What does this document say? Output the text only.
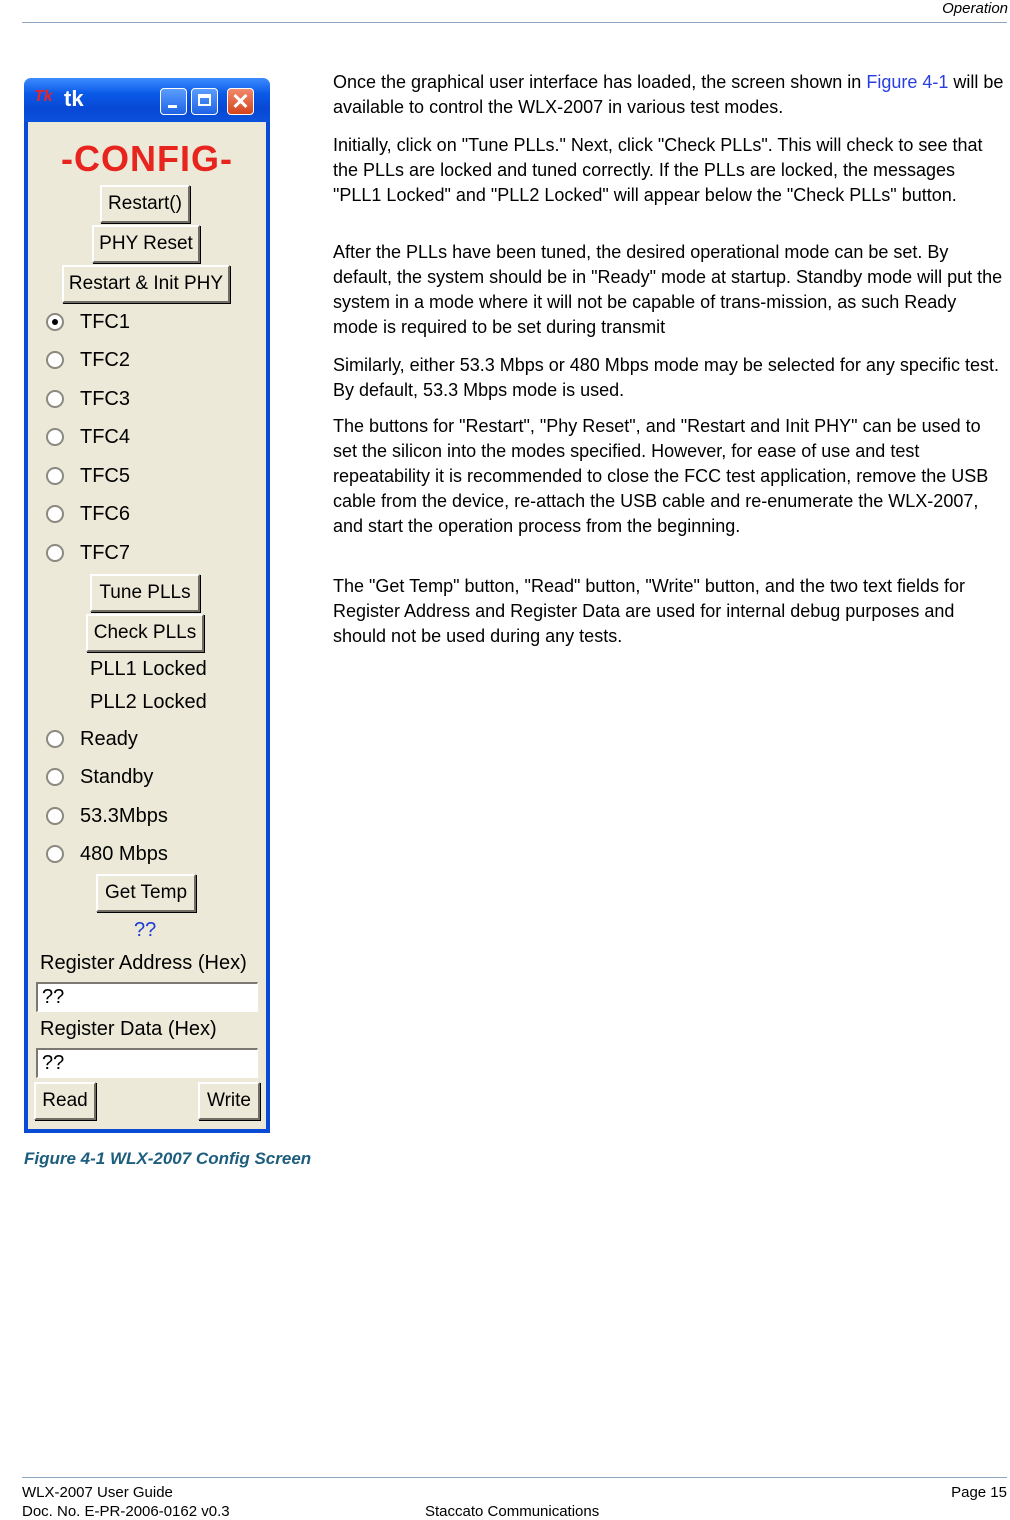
Operation
Tk tk	✕
-CONFIG-
Restart()
PHY Reset
Restart & Init PHY
TFC1
TFC2
TFC3
TFC4
TFC5
TFC6
TFC7
Tune PLLs
Check PLLs
PLL1 Locked
PLL2 Locked
Ready
Standby
53.3Mbps
480 Mbps
Get Temp
??
Register Address (Hex)
??
Register Data (Hex)
??
Read	Write
Figure 4-1 WLX-2007 Config Screen

Once the graphical user interface has loaded, the screen shown in Figure 4-1 will be available to control the WLX-2007 in various test modes.

Initially, click on "Tune PLLs." Next, click "Check PLLs". This will check to see that the PLLs are locked and tuned correctly. If the PLLs are locked, the messages "PLL1 Locked" and "PLL2 Locked" will appear below the "Check PLLs" button.

After the PLLs have been tuned, the desired operational mode can be set. By default, the system should be in "Ready" mode at startup. Standby mode will put the system in a mode where it will not be capable of trans-mission, as such Ready mode is required to be set during transmit

Similarly, either 53.3 Mbps or 480 Mbps mode may be selected for any specific test. By default, 53.3 Mbps mode is used.

The buttons for "Restart", "Phy Reset", and "Restart and Init PHY" can be used to set the silicon into the modes specified. However, for ease of use and test repeatability it is recommended to close the FCC test application, remove the USB cable from the device, re-attach the USB cable and re-enumerate the WLX-2007, and start the operation process from the beginning.

The "Get Temp" button, "Read" button, "Write" button, and the two text fields for Register Address and Register Data are used for internal debug purposes and should not be used during any tests.

WLX-2007 User Guide
Doc. No. E-PR-2006-0162 v0.3	Staccato Communications
Page 15
